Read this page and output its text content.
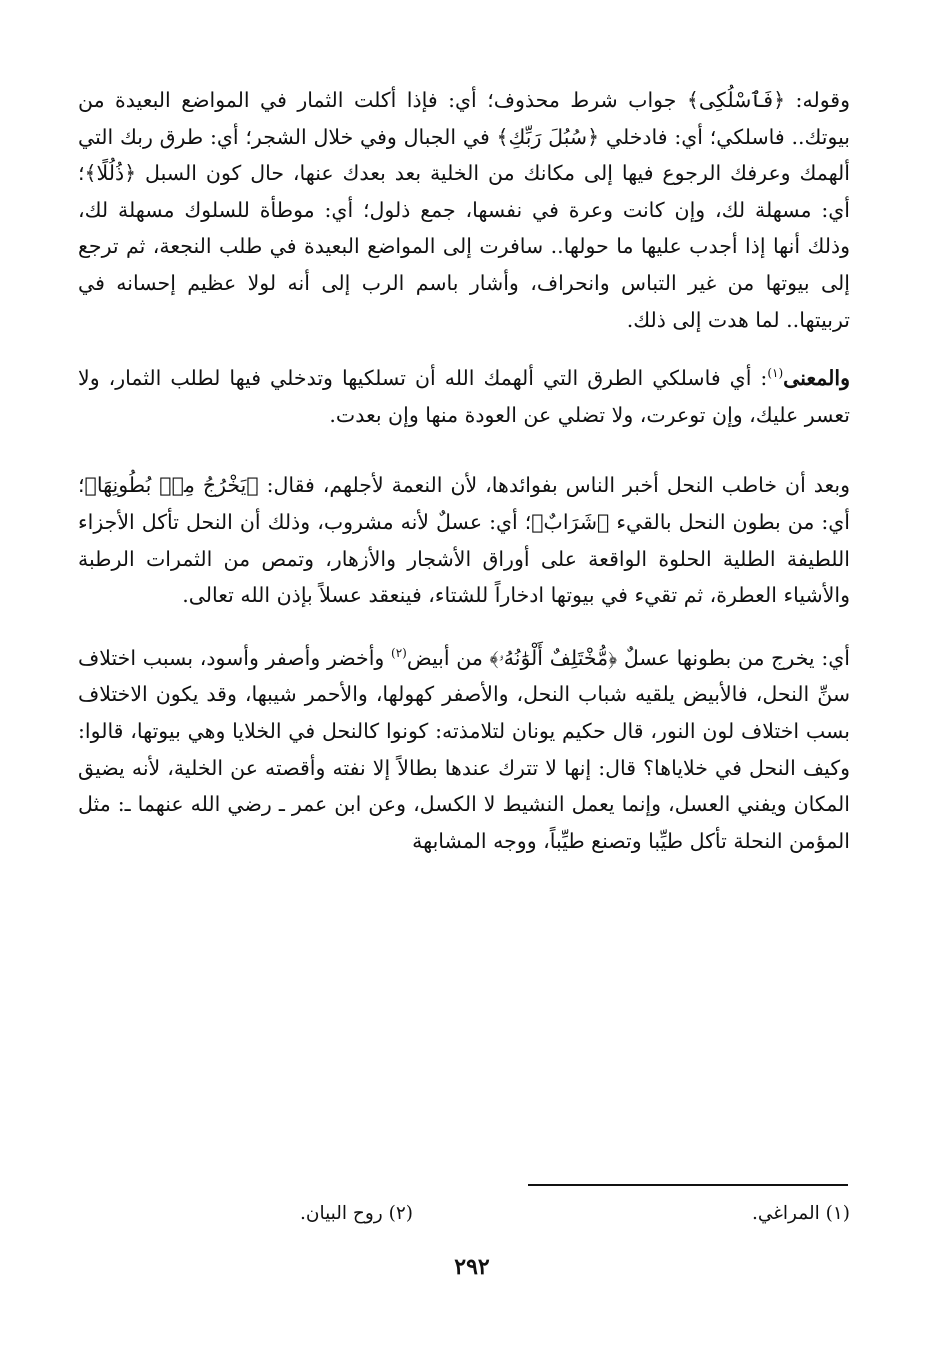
وقوله: ﴿فَٱسْلُكِى﴾ جواب شرط محذوف؛ أي: فإذا أكلت الثمار في المواضع البعيدة من بيوتك.. فاسلكي؛ أي: فادخلي ﴿سُبُلَ رَبِّكِ﴾ في الجبال وفي خلال الشجر؛ أي: طرق ربك التي ألهمك وعرفك الرجوع فيها إلى مكانك من الخلية بعد بعدك عنها، حال كون السبل ﴿ذُلُلًا﴾؛ أي: مسهلة لك، وإن كانت وعرة في نفسها، جمع ذلول؛ أي: موطأة للسلوك مسهلة لك، وذلك أنها إذا أجدب عليها ما حولها.. سافرت إلى المواضع البعيدة في طلب النجعة، ثم ترجع إلى بيوتها من غير التباس وانحراف، وأشار باسم الرب إلى أنه لولا عظيم إحسانه في تربيتها.. لما هدت إلى ذلك.

والمعنى$^{(١)}$: أي فاسلكي الطرق التي ألهمك الله أن تسلكيها وتدخلي فيها لطلب الثمار، ولا تعسر عليك، وإن توعرت، ولا تضلي عن العودة منها وإن بعدت.

وبعد أن خاطب النحل أخبر الناس بفوائدها، لأن النعمة لأجلهم، فقال: ﴿يَخْرُجُ مِنۢ بُطُونِهَا﴾؛ أي: من بطون النحل بالقيء ﴿شَرَابٌ﴾؛ أي: عسلٌ لأنه مشروب، وذلك أن النحل تأكل الأجزاء اللطيفة الطلية الحلوة الواقعة على أوراق الأشجار والأزهار، وتمص من الثمرات الرطبة والأشياء العطرة، ثم تقيء في بيوتها ادخاراً للشتاء، فينعقد عسلاً بإذن الله تعالى.

أي: يخرج من بطونها عسلٌ ﴿مُّخْتَلِفٌ أَلْوَٰنُهُۥ﴾ من أبيض$^{(٢)}$ وأخضر وأصفر وأسود، بسبب اختلاف سنِّ النحل، فالأبيض يلقيه شباب النحل، والأصفر كهولها، والأحمر شيبها، وقد يكون الاختلاف بسب اختلاف لون النور، قال حكيم يونان لتلامذته: كونوا كالنحل في الخلايا وهي بيوتها، قالوا: وكيف النحل في خلاياها؟ قال: إنها لا تترك عندها بطالاً إلا نفته وأقصته عن الخلية، لأنه يضيق المكان ويفني العسل، وإنما يعمل النشيط لا الكسل، وعن ابن عمر ـ رضي الله عنهما ـ: مثل المؤمن النحلة تأكل طيِّبا وتصنع طيِّباً، ووجه المشابهة

(١) المراغي.
(٢) روح البيان.
٢٩٢
